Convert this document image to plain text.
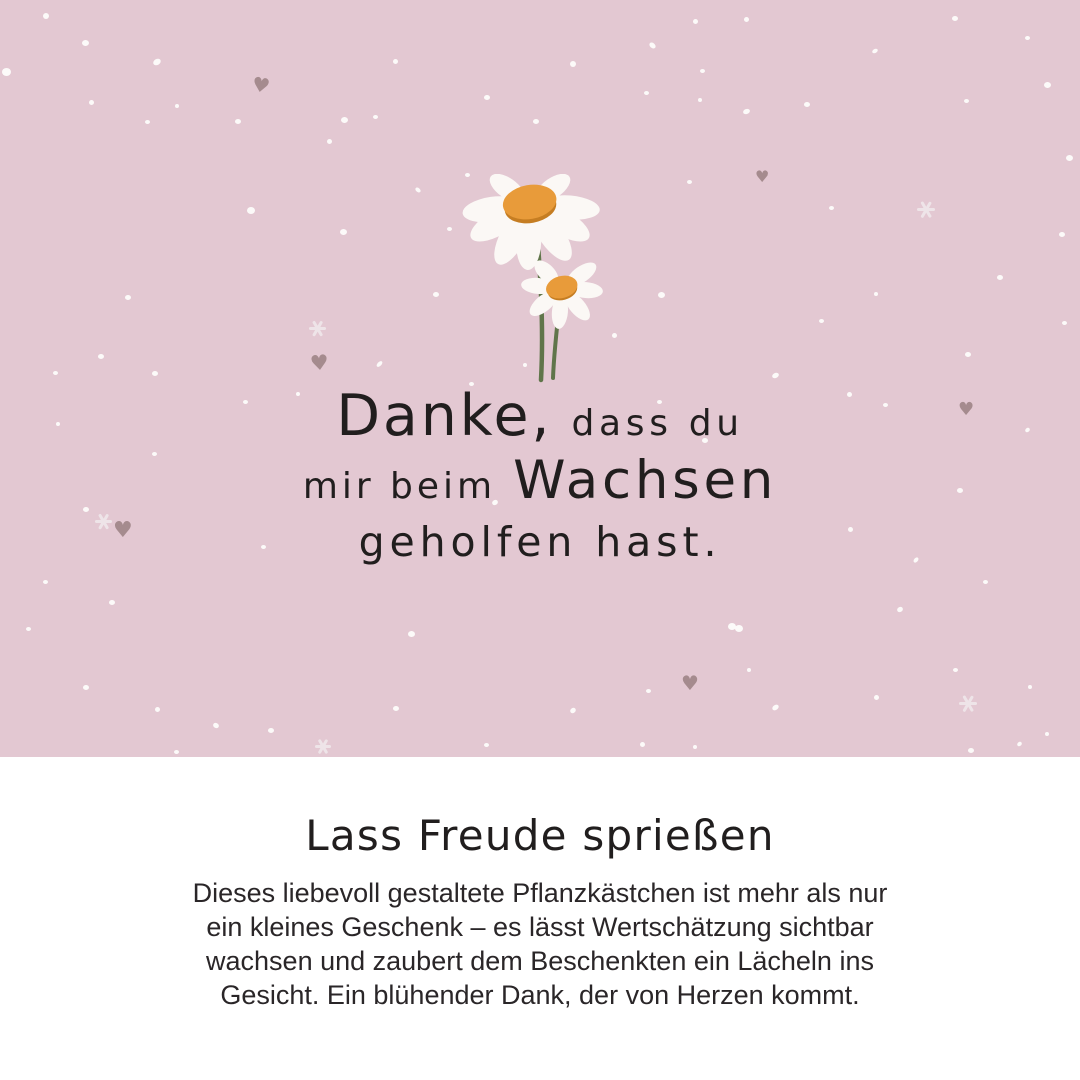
♥
♥
♥
♥
♥
♥
Danke, dass du
mir beim Wachsen
geholfen hast.
Lass Freude sprießen
Dieses liebevoll gestaltete Pflanzkästchen ist mehr als nur
ein kleines Geschenk – es lässt Wertschätzung sichtbar
wachsen und zaubert dem Beschenkten ein Lächeln ins
Gesicht. Ein blühender Dank, der von Herzen kommt.
